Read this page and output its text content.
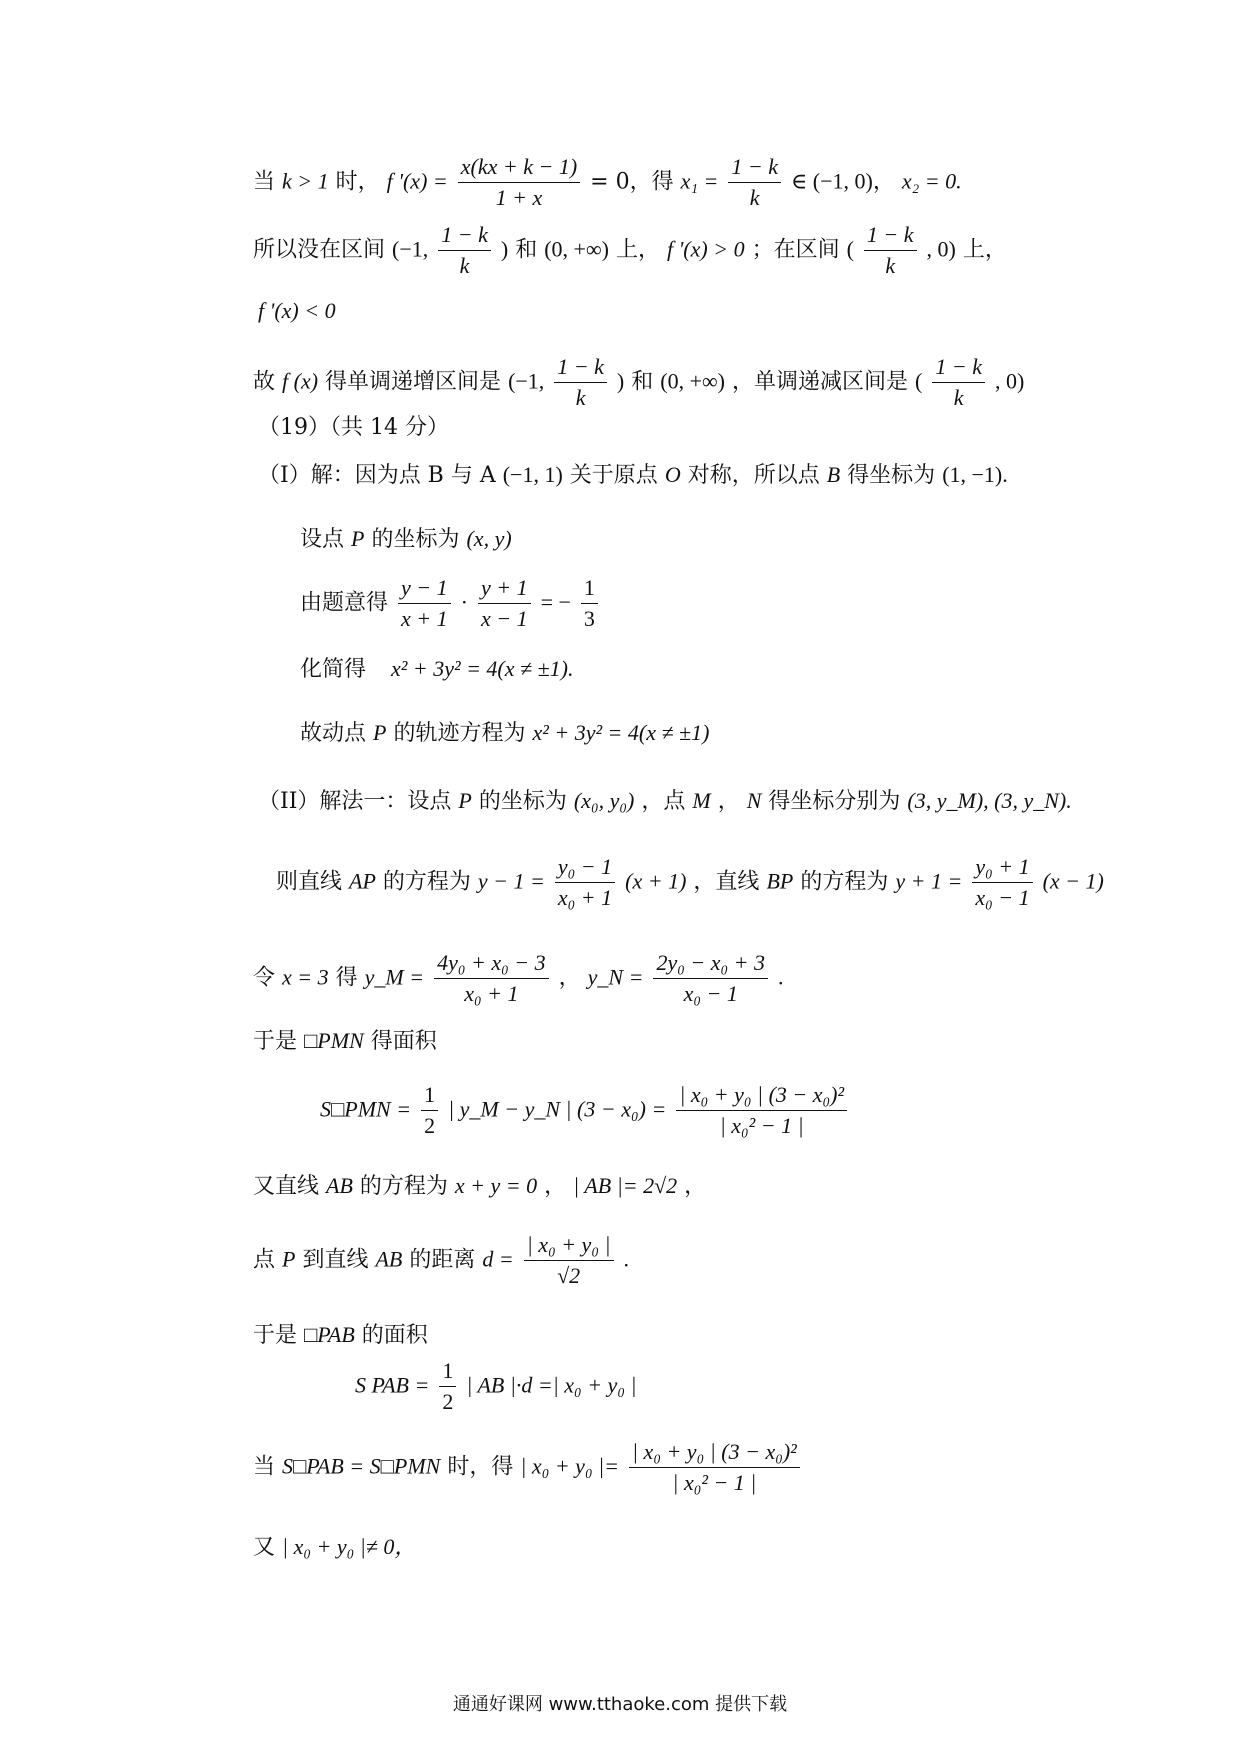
当 k > 1 时， f '$(x) = \frac{x(kx + k - 1)}{1 + x} = 0$，得 $x_1 = \frac{1 - k}{k}$ ∈ (−1, 0)， x₂ = 0.
所以没在区间 (−1, $\frac{1 - k}{k}$ ) 和 (0, +∞) 上， f '(x) > 0 ；在区间 ( $\frac{1 - k}{k}$ , 0) 上，
f '(x) < 0
故 f (x) 得单调递增区间是 (−1, $\frac{1 - k}{k}$ ) 和 (0, +∞) ，单调递减区间是 ( $\frac{1 - k}{k}$ , 0)
（19）（共 14 分）
（I）解：因为点 B 与 A (−1, 1) 关于原点 O 对称，所以点 B 得坐标为 (1, −1).
设点 P 的坐标为 (x, y)
由题意得 $\frac{y - 1}{x + 1} \cdot \frac{y + 1}{x - 1}$ = − $\frac{1}{3}$
化简得 x² + 3y² = 4(x ≠ ±1).
故动点 P 的轨迹方程为 x² + 3y² = 4(x ≠ ±1)
（II）解法一：设点 P 的坐标为 (x₀, y₀) ，点 M ， N 得坐标分别为 (3, y_M), (3, y_N).
则直线 AP 的方程为 $y - 1 = \frac{\text{y₀ − 1}}{\text{x₀ + 1}} (x + 1)$ ，直线 BP 的方程为 $y + 1 = \frac{\text{y₀ + 1}}{\text{x₀ − 1}} (x - 1)$
令 x = 3 得 y_M = $\frac{\text{4y₀ + x₀ − 3}}{\text{x₀ + 1}}$ ， y_N = $\frac{\text{2y₀ − x₀ + 3}}{\text{x₀ − 1}}$ .
于是 □PMN 得面积
S□PMN = $\frac{1}{2}$ | y_M − y_N | $(3 - x_0) = \frac{\text{| x₀ + y₀ | (3 − x₀)²}}{\text{| x₀² − 1 |}}$
又直线 AB 的方程为 x + y = 0 ， | AB |= 2√2 ，
点 P 到直线 AB 的距离 $d = \frac{\text{| x₀ + y₀ |}}{√2}$ .
于是 □PAB 的面积
S PAB = $\frac{1}{2}$ | AB |·d =| x₀ + y₀ |
当 S□PAB = S□PMN 时，得 | x₀ + y₀ |= $\frac{\text{| x₀ + y₀ | (3 − x₀)²}}{\text{| x₀² − 1 |}}$
又 | x₀ + y₀ |≠ 0，
通通好课网 www.tthaoke.com 提供下载
